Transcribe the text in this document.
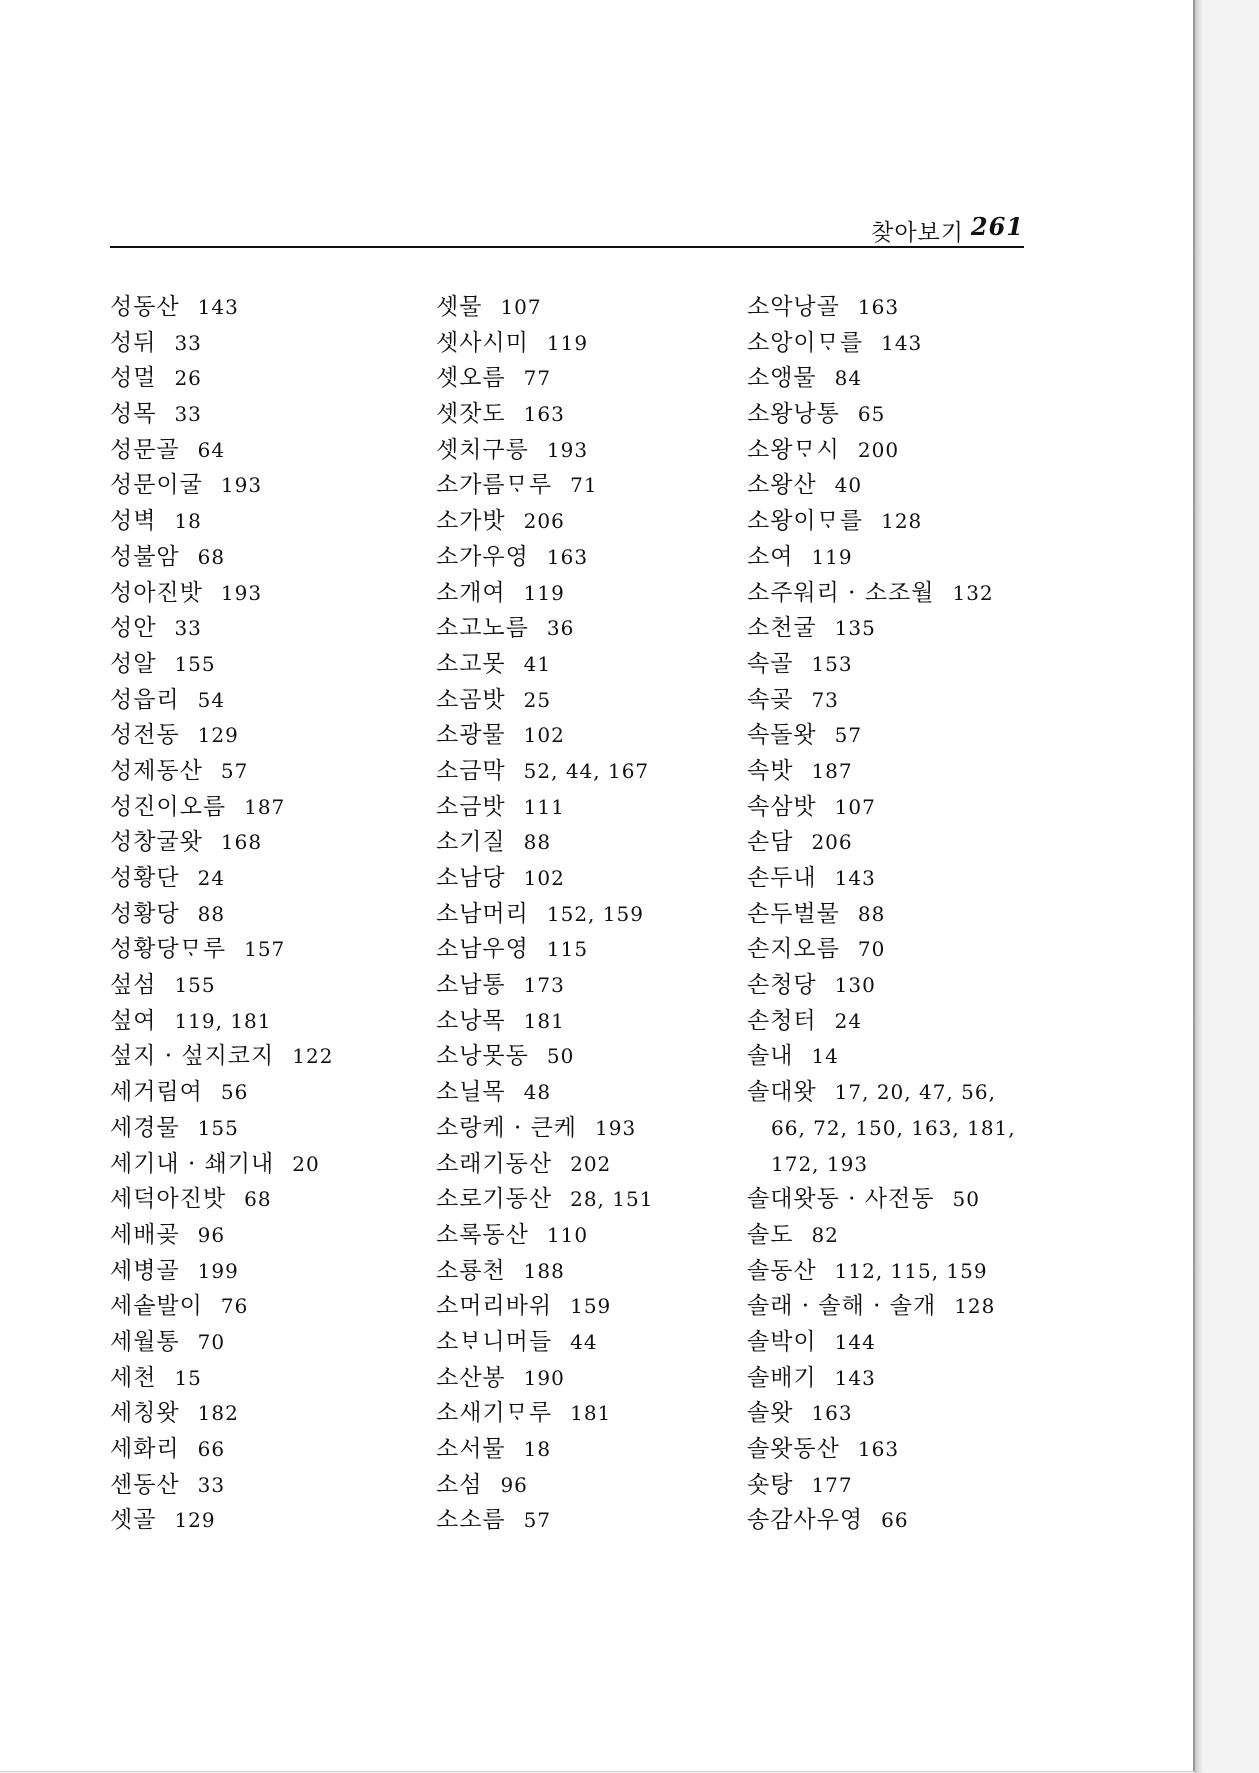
찾아보기 261
성동산 143
성뒤 33
성멀 26
성목 33
성문골 64
성문이굴 193
성벽 18
성불암 68
성아진밧 193
성안 33
성알 155
성읍리 54
성전동 129
성제동산 57
성진이오름 187
성창굴왓 168
성황단 24
성황당 88
성황당ᄆᆞ루 157
섶섬 155
섶여 119, 181
섶지 · 섶지코지 122
세거림여 56
세경물 155
세기내 · 쇄기내 20
세덕아진밧 68
세배곶 96
세병골 199
세솥발이 76
세월통 70
세천 15
세칭왓 182
세화리 66
센동산 33
셋골 129
셋물 107
셋사시미 119
셋오름 77
셋잣도 163
셋치구릉 193
소가름ᄆᆞ루 71
소가밧 206
소가우영 163
소개여 119
소고노름 36
소고못 41
소곰밧 25
소광물 102
소금막 52, 44, 167
소금밧 111
소기질 88
소남당 102
소남머리 152, 159
소남우영 115
소남통 173
소낭목 181
소낭못동 50
소닐목 48
소랑케 · 큰케 193
소래기동산 202
소로기동산 28, 151
소록동산 110
소룡천 188
소머리바위 159
소ᄇᆞ니머들 44
소산봉 190
소새기ᄆᆞ루 181
소서물 18
소섬 96
소소름 57
소악낭골 163
소앙이ᄆᆞ를 143
소앵물 84
소왕낭통 65
소왕ᄆᆞ시 200
소왕산 40
소왕이ᄆᆞ를 128
소여 119
소주워리 · 소조월 132
소천굴 135
속골 153
속곶 73
속돌왓 57
속밧 187
속삼밧 107
손담 206
손두내 143
손두벌물 88
손지오름 70
손청당 130
손청터 24
솔내 14
솔대왓 17, 20, 47, 56,
66, 72, 150, 163, 181,
172, 193
솔대왓동 · 사전동 50
솔도 82
솔동산 112, 115, 159
솔래 · 솔해 · 솔개 128
솔박이 144
솔배기 143
솔왓 163
솔왓동산 163
숏탕 177
송감사우영 66
